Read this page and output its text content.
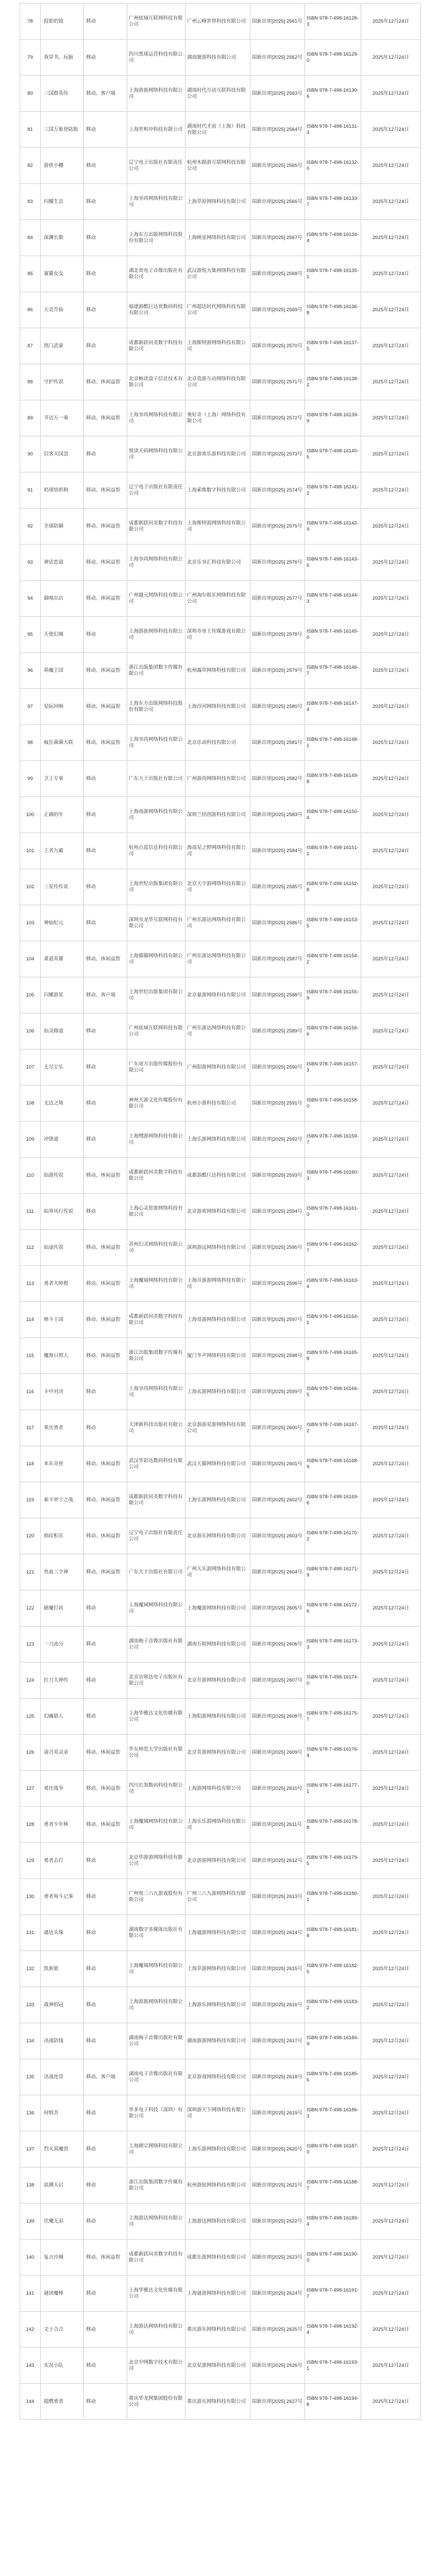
78	投影的镜	移动	广州炫域互联网科技有限公司	广州云峰世界科技有限公司	国新出审[2025] 2561号	ISBN 978-7-498-16128-3	2025年12月24日
79	我穿书、玩脑	移动	四川黑球运营科技有限公司	湖南聚游科技有限公司	国新出审[2025] 2562号	ISBN 978-7-498-16129-0	2025年12月24日
80	三国群英传	移动、客户端	上海游族网络科技有限公司	湖南时代互动互联科技有限公司	国新出审[2025] 2563号	ISBN 978-7-498-16130-6	2025年12月24日
81	三国万象登陆版	移动	上海世和冲科技有限公司	湖南时代才前（上海）科技有限公司	国新出审[2025] 2564号	ISBN 978-7-498-16131-3	2025年12月24日
82	游侠小棚	移动	辽宁电子出版社有限责任公司	杭州木路游互联网科技有限公司	国新出审[2025] 2565号	ISBN 978-7-498-16132-0	2025年12月24日
83	闪耀生态	移动	上海享尚网络科技有限公司	上海萃原网络科技有限公司	国新出审[2025] 2566号	ISBN 978-7-498-16133-7	2025年12月24日
84	深渊长歌	移动	上海东方出版网络科技股份有限公司	上海映星网络科技有限公司	国新出审[2025] 2567号	ISBN 978-7-498-16134-4	2025年12月24日
85	赛猫女友	移动	湖北省电子音像出版社有限公司	武汉游悦大集网络科技有限公司	国新出审[2025] 2568号	ISBN 978-7-498-16135-1	2025年12月24日
86	天竞升仙	移动	福建游酷巨达优数码科技有限公司	广州超达时代网络科技有限公司	国新出审[2025] 2569号	ISBN 978-7-498-16136-8	2025年12月24日
87	热门武豪	移动	成都新跃同美数字科技有限公司	上海斯特游网络科技有限公司	国新出审[2025] 2570号	ISBN 978-7-498-16137-5	2025年12月24日
88	守护传说	移动、休闲益智	北京畅读盘子信息技术有限公司	北京造游互动网络科技有限公司	国新出审[2025] 2571号	ISBN 978-7-498-16138-2	2025年12月24日
89	节达万一乘	移动、休闲益智	上海享尚网络科技有限公司	奥好奇（上海）网络科技有限公司	国新出审[2025] 2572号	ISBN 978-7-498-16139-9	2025年12月24日
90	信客天国忽	移动	悦读天码网络科技有限公司	北京游欢乐游科技有限公司	国新出审[2025] 2573号	ISBN 978-7-498-16140-5	2025年12月24日
91	奶球悟奶狗	移动、休闲益智	辽宁电子出版社有限责任公司	上海素维数字科技有限公司	国新出审[2025] 2574号	ISBN 978-7-498-16141-2	2025年12月24日
92	全球防御	移动、休闲益智	成都新跃同美数字科技有限公司	上海斯特游网络科技有限公司	国新出审[2025] 2575号	ISBN 978-7-498-16142-9	2025年12月24日
93	神话恋道	移动、休闲益智	上海享尚网络科技有限公司	北京乐享汇科技有限公司	国新出审[2025] 2576号	ISBN 978-7-498-16143-6	2025年12月24日
94	猫嗅出店	移动、休闲益智	广州越元网络科技有限公司	广州淘尔娱乐网络科技有限公司	国新出审[2025] 2577号	ISBN 978-7-498-16144-3	2025年12月24日
95	天使幻城	移动	上海游族网络科技有限公司	深圳市帝王传媒游戏有限公司	国新出审[2025] 2578号	ISBN 978-7-498-16145-0	2025年12月24日
96	萌魔王国	移动、休闲益智	浙江出版集团数字传媒有限公司	杭州露草网络科技有限公司	国新出审[2025] 2579号	ISBN 978-7-498-16146-7	2025年12月24日
97	星际回响	移动、休闲益智	上海东方出版网络科技股份有限公司	上海沙河网络科技有限公司	国新出审[2025] 2580号	ISBN 978-7-498-16147-4	2025年12月24日
98	疯狂菌菌大联	移动、休闲益智	上海享尚网络科技有限公司	北京乐动科技有限公司	国新出审[2025] 2581号	ISBN 978-7-498-16148-1	2025年12月24日
99	卫王专事	移动	广东大于出版社有限公司	广州游尚网络科技有限公司	国新出审[2025] 2582号	ISBN 978-7-498-16149-8	2025年12月24日
100	正确的年	移动	上海南游网络科技有限公司	深圳兰纽创游科技有限公司	国新出审[2025] 2583号	ISBN 978-7-498-16150-4	2025年12月24日
101	王者九霸	移动	杭州点蓝信息科技有限公司	海南星之野网络科技有限公司	国新出审[2025] 2584号	ISBN 978-7-498-16151-1	2025年12月24日
102	三星传传说	移动	上海世纪出版集团有限公司	北京天宇游网络科技有限公司	国新出审[2025] 2585号	ISBN 978-7-498-16152-8	2025年12月24日
103	神仙纪元	移动	深圳市龙华互联网科技有限公司	广州乐游达网络科技有限公司	国新出审[2025] 2586号	ISBN 978-7-498-16153-5	2025年12月24日
104	萧道英雄	移动、休闲益智	上海猫猫网络科技有限公司	广州乐游达网络科技有限公司	国新出审[2025] 2587号	ISBN 978-7-498-16154-2	2025年12月24日
105	闪耀游星	移动、客户端	上海世纪出版集团有限公司	北京量游网络科技有限公司	国新出审[2025] 2588号	ISBN 978-7-498-16155-9	2025年12月24日
106	仙灵修道	移动	广州炫域互联网科技有限公司	广州乐游达网络科技有限公司	国新出审[2025] 2589号	ISBN 978-7-498-16156-6	2025年12月24日
107	无尽尘乐	移动	广东南方出版传媒股份有限公司	广州阳游网络科技有限公司	国新出审[2025] 2590号	ISBN 978-7-498-16157-3	2025年12月24日
108	无边之境	移动	神州天游文化传媒股份有限公司	杭州小游科技有限公司	国新出审[2025] 2591号	ISBN 978-7-498-16158-0	2025年12月24日
109	冲锋道	移动	上海嘿游网络科技有限公司	上海乐游网络科技有限公司	国新出审[2025] 2592号	ISBN 978-7-498-16159-7	2025年12月24日
110	仙游传说	移动、休闲益智	成都新跃同美数字科技有限公司	成都游酷巨达科技有限公司	国新出审[2025] 2593号	ISBN 978-7-498-16160-3	2025年12月24日
111	仙界风行传说	移动	上海心灵智游网络科技有限公司	北京游欢网络科技有限公司	国新出审[2025] 2594号	ISBN 978-7-498-16161-0	2025年12月24日
112	仙途传说	移动、休闲益智	苏州幻灵网络科技有限公司	深圳游远网络科技有限公司	国新出审[2025] 2595号	ISBN 978-7-498-16162-7	2025年12月24日
113	勇者大师棋	移动、休闲益智	上海魔域网络科技有限公司	上海开游游网络科技有限公司	国新出审[2025] 2596号	ISBN 978-7-498-16163-4	2025年12月24日
114	格斗王国	移动、休闲益智	成都新跃同美数字科技有限公司	上海哥游网络科技有限公司	国新出审[2025] 2597号	ISBN 978-7-498-16164-1	2025年12月24日
115	魔海日照人	移动、休闲益智	浙江出版集团数字传媒有限公司	厦门冬声网络科技有限公司	国新出审[2025] 2598号	ISBN 978-7-498-16165-8	2025年12月24日
116	卡中对决	移动	上海享尚网络科技有限公司	上海玄游网络科技有限公司	国新出审[2025] 2599号	ISBN 978-7-498-16166-5	2025年12月24日
117	重庆勇者	移动	天津新科技出版社有限公司	北京游游星游网络科技有限公司	国新出审[2025] 2600号	ISBN 978-7-498-16167-2	2025年12月24日
118	来东奇侠	移动、休闲益智	武汉华彩达数码科技有限公司	武汉天猫网络科技有限公司	国新出审[2025] 2601号	ISBN 978-7-498-16168-9	2025年12月24日
119	索卡审宁之战	移动、休闲益智	成都新跃同美数字科技有限公司	上海乐游网络科技有限公司	国新出审[2025] 2602号	ISBN 978-7-498-16169-6	2025年12月24日
120	指纹积乐	移动、休闲益智	辽宁电子出版社有限责任公司	北京游乐网络科技有限公司	国新出审[2025] 2603号	ISBN 978-7-498-16170-2	2025年12月24日
121	热血三个神	移动、休闲益智	广东大于出版社有限公司	广州天乐游网络科技有限公司	国新出审[2025] 2604号	ISBN 978-7-498-16171-9	2025年12月24日
122	磁魔打砖	移动	上海魔域网络科技有限公司	上海魔游网络科技有限公司	国新出审[2025] 2605号	ISBN 978-7-498-16172-6	2025年12月24日
123	一刀流分	移动	湖南梅子音像出版社有限公司	湖南万娱网络科技有限公司	国新出审[2025] 2606号	ISBN 978-7-498-16173-3	2025年12月24日
124	红刀大神传	移动	北京京师达电子出版社有限公司	北京开游网络科技有限公司	国新出审[2025] 2607号	ISBN 978-7-498-16174-0	2025年12月24日
125	幻幽猎人	移动	上海华雅达文化传媒有限公司	上海阳游网络科技有限公司	国新出审[2025] 2608号	ISBN 978-7-498-16175-7	2025年12月24日
126	请召英灵录	移动、休闲益智	华东师范大学出版社有限公司	北京青游网络科技有限公司	国新出审[2025] 2609号	ISBN 978-7-498-16176-4	2025年12月24日
127	勇往战争	移动、休闲益智	四川长瓴数码科技有限公司	上海游网络科技有限公司	国新出审[2025] 2610号	ISBN 978-7-498-16177-1	2025年12月24日
128	勇者少年棒	移动、休闲益智	上海魔域网络科技有限公司	上海乐乐游网络科技有限公司	国新出审[2025] 2611号	ISBN 978-7-498-16178-8	2025年12月24日
129	勇者去打	移动	北京华游游网络科技有限公司	北京游游网络科技有限公司	国新出审[2025] 2612号	ISBN 978-7-498-16179-5	2025年12月24日
130	勇者角斗记事	移动	广州悦三六九游戏股份有限公司	广州三六九游网络科技有限公司	国新出审[2025] 2613号	ISBN 978-7-498-16180-1	2025年12月24日
131	通达头缘	移动	湖南数字多媒体出版社有限公司	上海通游网络科技有限公司	国新出审[2025] 2614号	ISBN 978-7-498-16181-8	2025年12月24日
132	凯新旅	移动	上海魔域网络科技有限公司	上海萃游网络科技有限公司	国新出审[2025] 2615号	ISBN 978-7-498-16182-5	2025年12月24日
133	战神的冠	移动	上海游族网络科技有限公司	上海游乐网络科技有限公司	国新出审[2025] 2616号	ISBN 978-7-498-16183-2	2025年12月24日
134	决战防线	移动	湖南梅子音像出版社有限公司	湖南游游网络科技有限公司	国新出审[2025] 2617号	ISBN 978-7-498-16184-9	2025年12月24日
135	决战连营	移动、客户端	湖南电子音像出版社有限公司	北京游戏网络科技有限公司	国新出审[2025] 2618号	ISBN 978-7-498-16185-6	2025年12月24日
136	何惧苦	移动	华多电子科技（深圳）有限公司	深圳游天下网络科技有限公司	国新出审[2025] 2619号	ISBN 978-7-498-16186-3	2025年12月24日
137	烈火真魔兽	移动	上海颜宗网络科技有限公司	上海乐游网络科技有限公司	国新出审[2025] 2620号	ISBN 978-7-498-16187-0	2025年12月24日
138	浪溯天启	移动	浙江出版集团数字传媒有限公司	杭州游炫网络科技有限公司	国新出审[2025] 2621号	ISBN 978-7-498-16188-7	2025年12月24日
139	伏魔无双	移动	上海游达网络科技有限公司	上海游达网络科技有限公司	国新出审[2025] 2622号	ISBN 978-7-498-16189-4	2025年12月24日
140	复古沙城	移动、休闲益智	成都新跃同美数字科技有限公司	成都乐游网络科技有限公司	国新出审[2025] 2623号	ISBN 978-7-498-16190-0	2025年12月24日
141	谜团魔棒	移动	上海华雅达文化传媒有限公司	上海谜游网络科技有限公司	国新出审[2025] 2624号	ISBN 978-7-498-16191-7	2025年12月24日
142	文士合合	移动	上海游达网络科技有限公司	重庆游乐网络科技有限公司	国新出审[2025] 2625号	ISBN 978-7-498-16192-4	2025年12月24日
143	实况小队	移动	北京中网数字技术有限公司	北京星游网络科技有限公司	国新出审[2025] 2626号	ISBN 978-7-498-16193-1	2025年12月24日
144	超燃勇者	移动	重庆华龙网集团股份有限公司	重庆游乐网络科技有限公司	国新出审[2025] 2627号	ISBN 978-7-498-16194-8	2025年12月24日
